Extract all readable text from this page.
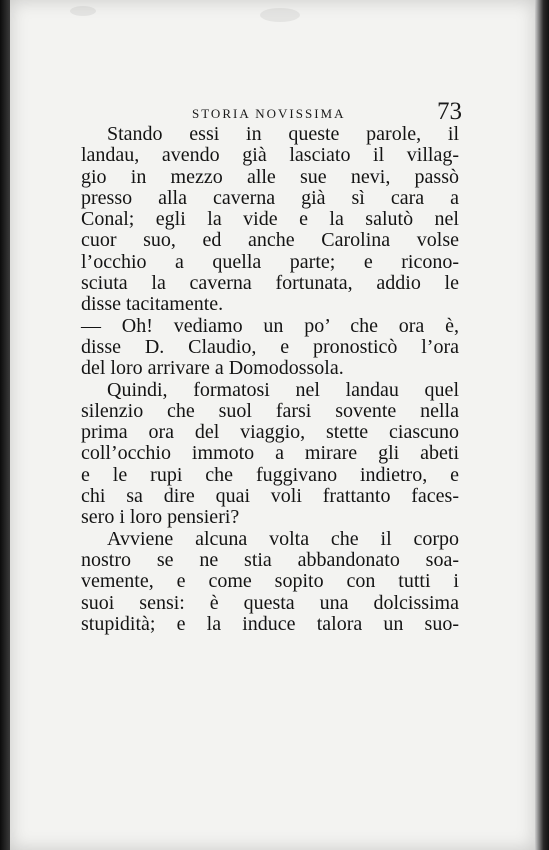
STORIA NOVISSIMA	73
Stando essi in queste parole, il
landau, avendo già lasciato il villag-
gio in mezzo alle sue nevi, passò
presso alla caverna già sì cara a
Conal; egli la vide e la salutò nel
cuor suo, ed anche Carolina volse
l’occhio a quella parte; e ricono-
sciuta la caverna fortunata, addio le
disse tacitamente.
— Oh! vediamo un po’ che ora è,
disse D. Claudio, e pronosticò l’ora
del loro arrivare a Domodossola.
Quindi, formatosi nel landau quel
silenzio che suol farsi sovente nella
prima ora del viaggio, stette ciascuno
coll’occhio immoto a mirare gli abeti
e le rupi che fuggivano indietro, e
chi sa dire quai voli frattanto faces-
sero i loro pensieri?
Avviene alcuna volta che il corpo
nostro se ne stia abbandonato soa-
vemente, e come sopito con tutti i
suoi sensi: è questa una dolcissima
stupidità; e la induce talora un suo-
